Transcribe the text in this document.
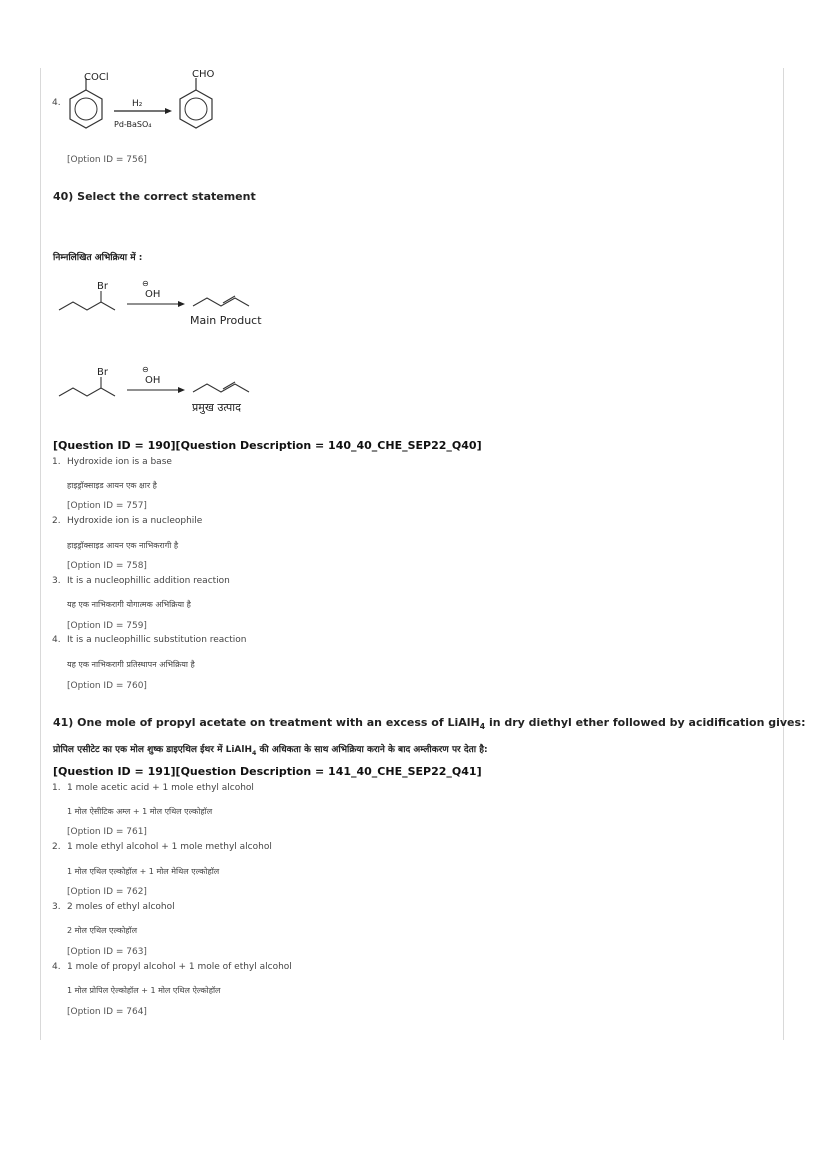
4.
COCl
H₂
Pd-BaSO₄
CHO
[Option ID = 756]
40) Select the correct statement
निम्नलिखित अभिक्रिया में :
Br	⊖
OH
Main Product
Br	⊖
OH
प्रमुख उत्पाद
[Question ID = 190][Question Description = 140_40_CHE_SEP22_Q40]
1. Hydroxide ion is a base
हाइड्रॉक्साइड आयन एक क्षार है
[Option ID = 757]
2. Hydroxide ion is a nucleophile
हाइड्रॉक्साइड आयन एक नाभिकरागी है
[Option ID = 758]
3. It is a nucleophillic addition reaction
यह एक नाभिकरागी योगात्मक अभिक्रिया है
[Option ID = 759]
4. It is a nucleophillic substitution reaction
यह एक नाभिकरागी प्रतिस्थापन अभिक्रिया है
[Option ID = 760]
41) One mole of propyl acetate on treatment with an excess of LiAlH$_4$ in dry diethyl ether followed by acidification gives:
प्रोपिल एसीटेट का एक मोल शुष्क डाइएथिल ईथर में LiAlH$_4$ की अधिकता के साथ अभिक्रिया कराने के बाद अम्लीकरण पर देता है:
[Question ID = 191][Question Description = 141_40_CHE_SEP22_Q41]
1. 1 mole acetic acid + 1 mole ethyl alcohol
1 मोल ऐसीटिक अम्ल + 1 मोल एथिल एल्कोहॉल
[Option ID = 761]
2. 1 mole ethyl alcohol + 1 mole methyl alcohol
1 मोल एथिल एल्कोहॉल + 1 मोल मेथिल एल्कोहॉल
[Option ID = 762]
3. 2 moles of ethyl alcohol
2 मोल एथिल एल्कोहॉल
[Option ID = 763]
4. 1 mole of propyl alcohol + 1 mole of ethyl alcohol
1 मोल प्रोपिल ऐल्कोहॉल + 1 मोल एथिल ऐल्कोहॉल
[Option ID = 764]
